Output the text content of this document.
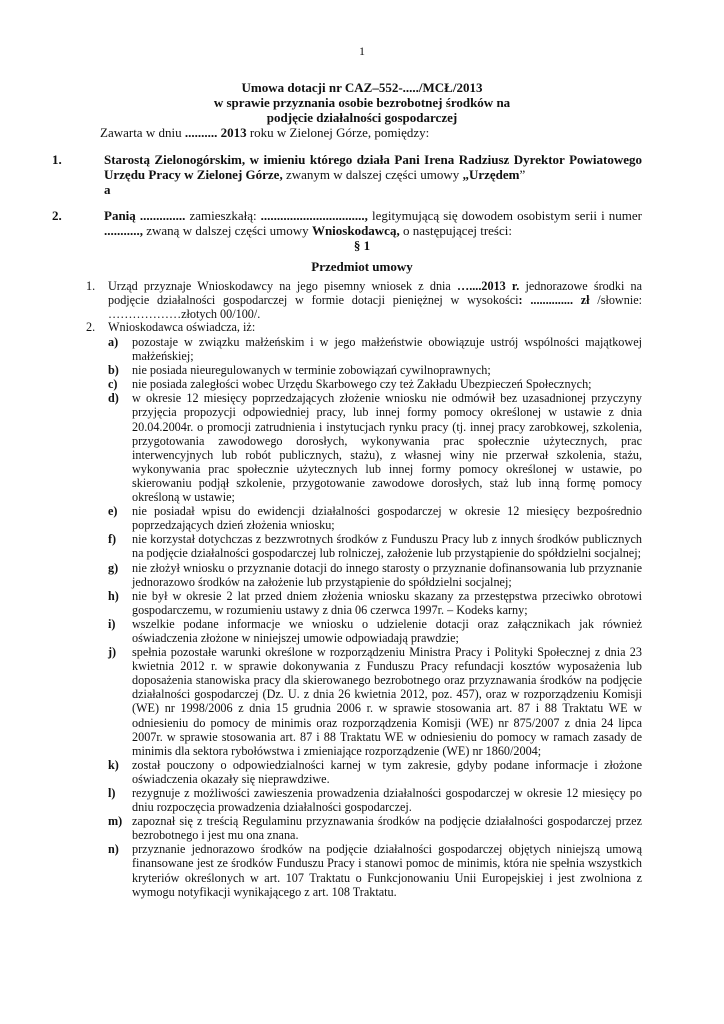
1
Umowa dotacji nr CAZ–552-...../MCŁ/2013
w sprawie przyznania osobie bezrobotnej środków na
podjęcie działalności gospodarczej
Zawarta w dniu .......... 2013 roku w Zielonej Górze, pomiędzy:
1.	Starostą Zielonogórskim, w imieniu którego działa Pani Irena Radziusz Dyrektor Powiatowego Urzędu Pracy w Zielonej Górze, zwanym w dalszej części umowy „Urzędem”
a
2.	Panią .............. zamieszkałą: ................................, legitymującą się dowodem osobistym serii i numer ..........., zwaną w dalszej części umowy Wnioskodawcą, o następującej treści:
§ 1
Przedmiot umowy
1. Urząd przyznaje Wnioskodawcy na jego pisemny wniosek z dnia …....2013 r. jednorazowe środki na podjęcie działalności gospodarczej w formie dotacji pieniężnej w wysokości: .............. zł /słownie: ………………złotych 00/100/.
2. Wnioskodawca oświadcza, iż:
a) pozostaje w związku małżeńskim i w jego małżeństwie obowiązuje ustrój wspólności majątkowej małżeńskiej;
b) nie posiada nieuregulowanych w terminie zobowiązań cywilnoprawnych;
c) nie posiada zaległości wobec Urzędu Skarbowego czy też Zakładu Ubezpieczeń Społecznych;
d) w okresie 12 miesięcy poprzedzających złożenie wniosku nie odmówił bez uzasadnionej przyczyny przyjęcia propozycji odpowiedniej pracy, lub innej formy pomocy określonej w ustawie z dnia 20.04.2004r. o promocji zatrudnienia i instytucjach rynku pracy (tj. innej pracy zarobkowej, szkolenia, przygotowania zawodowego dorosłych, wykonywania prac społecznie użytecznych, prac interwencyjnych lub robót publicznych, stażu), z własnej winy nie przerwał szkolenia, stażu, wykonywania prac społecznie użytecznych lub innej formy pomocy określonej w ustawie, po skierowaniu podjął szkolenie, przygotowanie zawodowe dorosłych, staż lub inną formę pomocy określoną w ustawie;
e) nie posiadał wpisu do ewidencji działalności gospodarczej w okresie 12 miesięcy bezpośrednio poprzedzających dzień złożenia wniosku;
f) nie korzystał dotychczas z bezzwrotnych środków z Funduszu Pracy lub z innych środków publicznych na podjęcie działalności gospodarczej lub rolniczej, założenie lub przystąpienie do spółdzielni socjalnej;
g) nie złożył wniosku o przyznanie dotacji do innego starosty o przyznanie dofinansowania lub przyznanie jednorazowo środków na założenie lub przystąpienie do spółdzielni socjalnej;
h) nie był w okresie 2 lat przed dniem złożenia wniosku skazany za przestępstwa przeciwko obrotowi gospodarczemu, w rozumieniu ustawy z dnia 06 czerwca 1997r. – Kodeks karny;
i) wszelkie podane informacje we wniosku o udzielenie dotacji oraz załącznikach jak również oświadczenia złożone w niniejszej umowie odpowiadają prawdzie;
j) spełnia pozostałe warunki określone w rozporządzeniu Ministra Pracy i Polityki Społecznej z dnia 23 kwietnia 2012 r. w sprawie dokonywania z Funduszu Pracy refundacji kosztów wyposażenia lub doposażenia stanowiska pracy dla skierowanego bezrobotnego oraz przyznawania środków na podjęcie działalności gospodarczej (Dz. U. z dnia 26 kwietnia 2012, poz. 457), oraz w rozporządzeniu Komisji (WE) nr 1998/2006 z dnia 15 grudnia 2006 r. w sprawie stosowania art. 87 i 88 Traktatu WE w odniesieniu do pomocy de minimis oraz rozporządzenia Komisji (WE) nr 875/2007 z dnia 24 lipca 2007r. w sprawie stosowania art. 87 i 88 Traktatu WE w odniesieniu do pomocy w ramach zasady de minimis dla sektora rybołówstwa i zmieniające rozporządzenie (WE) nr 1860/2004;
k) został pouczony o odpowiedzialności karnej w tym zakresie, gdyby podane informacje i złożone oświadczenia okazały się nieprawdziwe.
l) rezygnuje z możliwości zawieszenia prowadzenia działalności gospodarczej w okresie 12 miesięcy po dniu rozpoczęcia prowadzenia działalności gospodarczej.
m) zapoznał się z treścią Regulaminu przyznawania środków na podjęcie działalności gospodarczej przez bezrobotnego i jest mu ona znana.
n) przyznanie jednorazowo środków na podjęcie działalności gospodarczej objętych niniejszą umową finansowane jest ze środków Funduszu Pracy i stanowi pomoc de minimis, która nie spełnia wszystkich kryteriów określonych w art. 107 Traktatu o Funkcjonowaniu Unii Europejskiej i jest zwolniona z wymogu notyfikacji wynikającego z art. 108 Traktatu.
